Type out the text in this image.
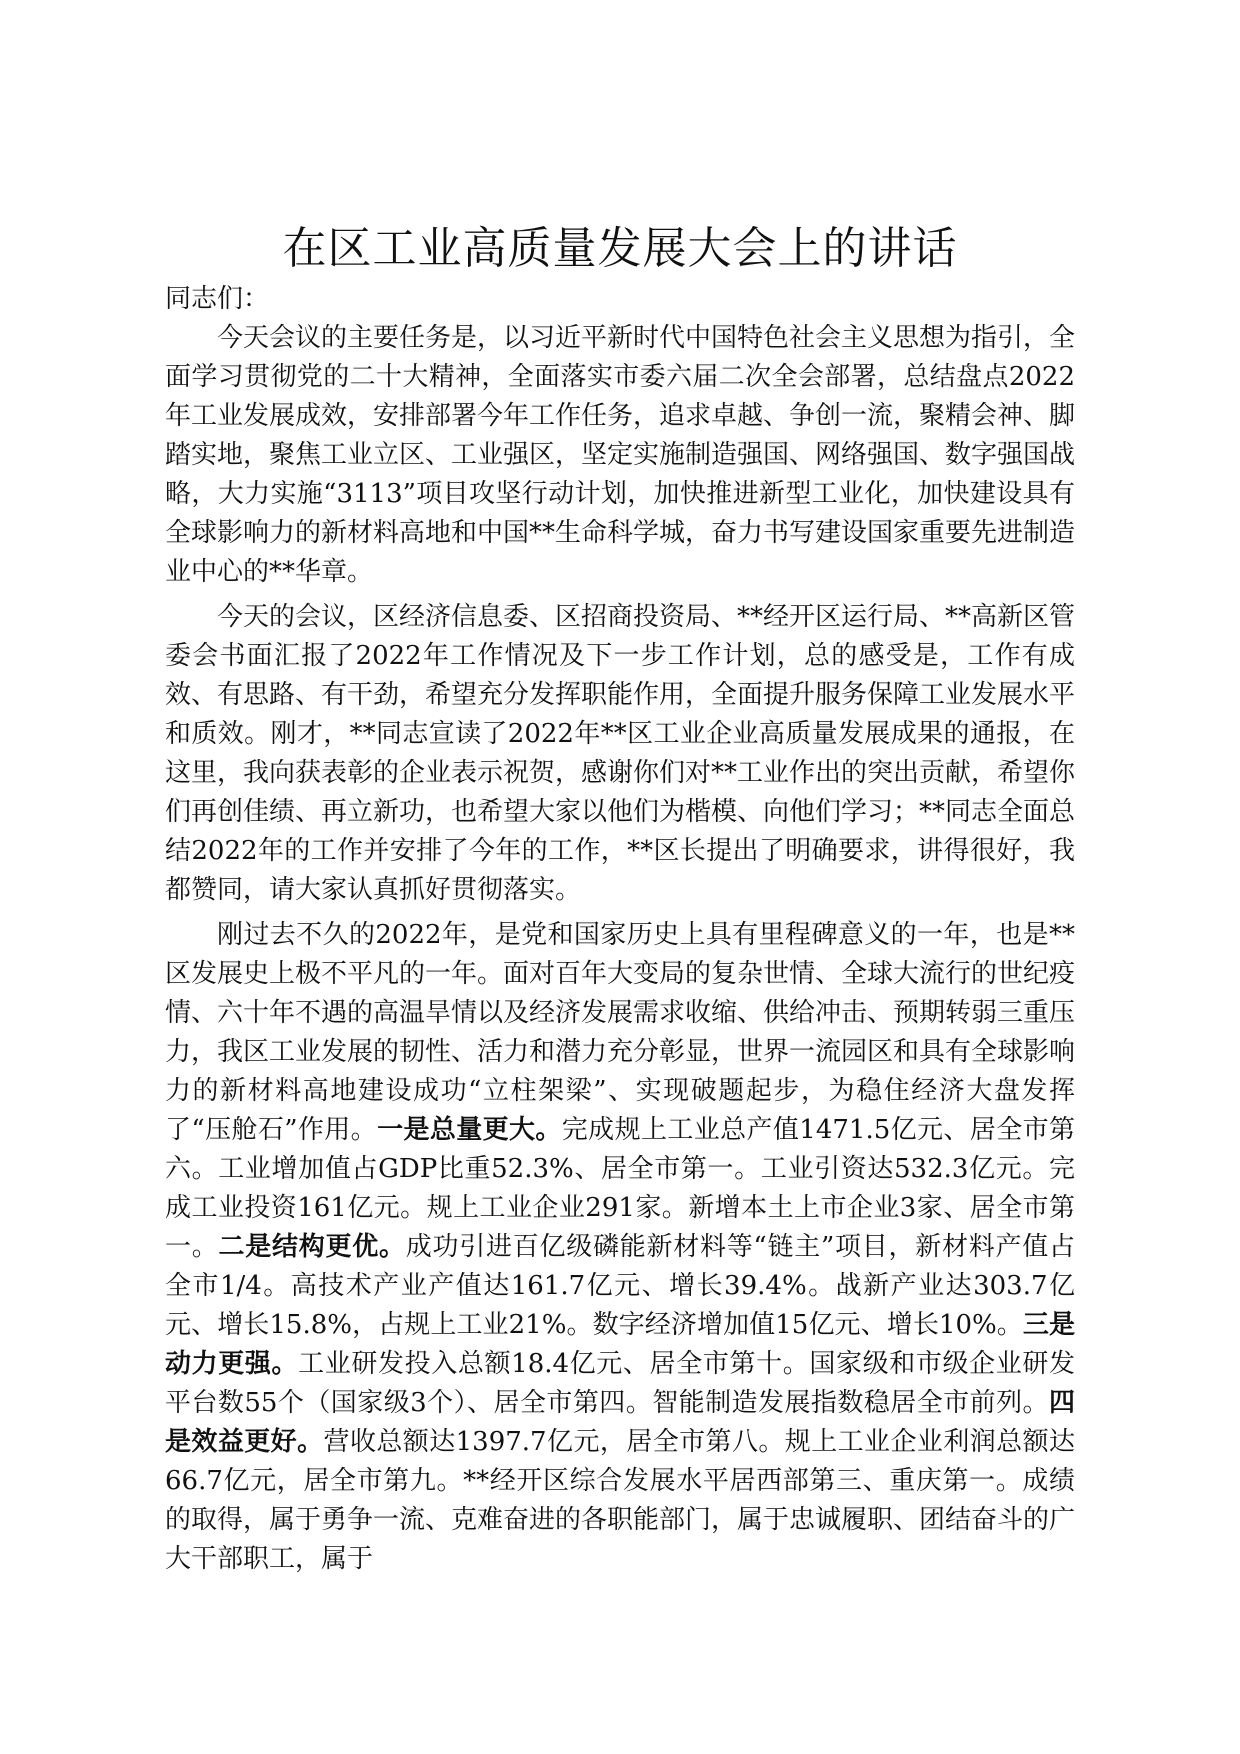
在区工业高质量发展大会上的讲话

同志们：

今天会议的主要任务是，以习近平新时代中国特色社会主义思想为指引，全面学习贯彻党的二十大精神，全面落实市委六届二次全会部署，总结盘点2022年工业发展成效，安排部署今年工作任务，追求卓越、争创一流，聚精会神、脚踏实地，聚焦工业立区、工业强区，坚定实施制造强国、网络强国、数字强国战略，大力实施“3113”项目攻坚行动计划，加快推进新型工业化，加快建设具有全球影响力的新材料高地和中国**生命科学城，奋力书写建设国家重要先进制造业中心的**华章。

今天的会议，区经济信息委、区招商投资局、**经开区运行局、**高新区管委会书面汇报了2022年工作情况及下一步工作计划，总的感受是，工作有成效、有思路、有干劲，希望充分发挥职能作用，全面提升服务保障工业发展水平和质效。刚才，**同志宣读了2022年**区工业企业高质量发展成果的通报，在这里，我向获表彰的企业表示祝贺，感谢你们对**工业作出的突出贡献，希望你们再创佳绩、再立新功，也希望大家以他们为楷模、向他们学习；**同志全面总结2022年的工作并安排了今年的工作，**区长提出了明确要求，讲得很好，我都赞同，请大家认真抓好贯彻落实。

刚过去不久的2022年，是党和国家历史上具有里程碑意义的一年，也是**区发展史上极不平凡的一年。面对百年大变局的复杂世情、全球大流行的世纪疫情、六十年不遇的高温旱情以及经济发展需求收缩、供给冲击、预期转弱三重压力，我区工业发展的韧性、活力和潜力充分彰显，世界一流园区和具有全球影响力的新材料高地建设成功“立柱架梁”、实现破题起步，为稳住经济大盘发挥了“压舱石”作用。一是总量更大。完成规上工业总产值1471.5亿元、居全市第六。工业增加值占GDP比重52.3%、居全市第一。工业引资达532.3亿元。完成工业投资161亿元。规上工业企业291家。新增本土上市企业3家、居全市第一。二是结构更优。成功引进百亿级磷能新材料等“链主”项目，新材料产值占全市1/4。高技术产业产值达161.7亿元、增长39.4%。战新产业达303.7亿元、增长15.8%，占规上工业21%。数字经济增加值15亿元、增长10%。三是动力更强。工业研发投入总额18.4亿元、居全市第十。国家级和市级企业研发平台数55个（国家级3个）、居全市第四。智能制造发展指数稳居全市前列。四是效益更好。营收总额达1397.7亿元，居全市第八。规上工业企业利润总额达66.7亿元，居全市第九。**经开区综合发展水平居西部第三、重庆第一。成绩的取得，属于勇争一流、克难奋进的各职能部门，属于忠诚履职、团结奋斗的广大干部职工，属于
